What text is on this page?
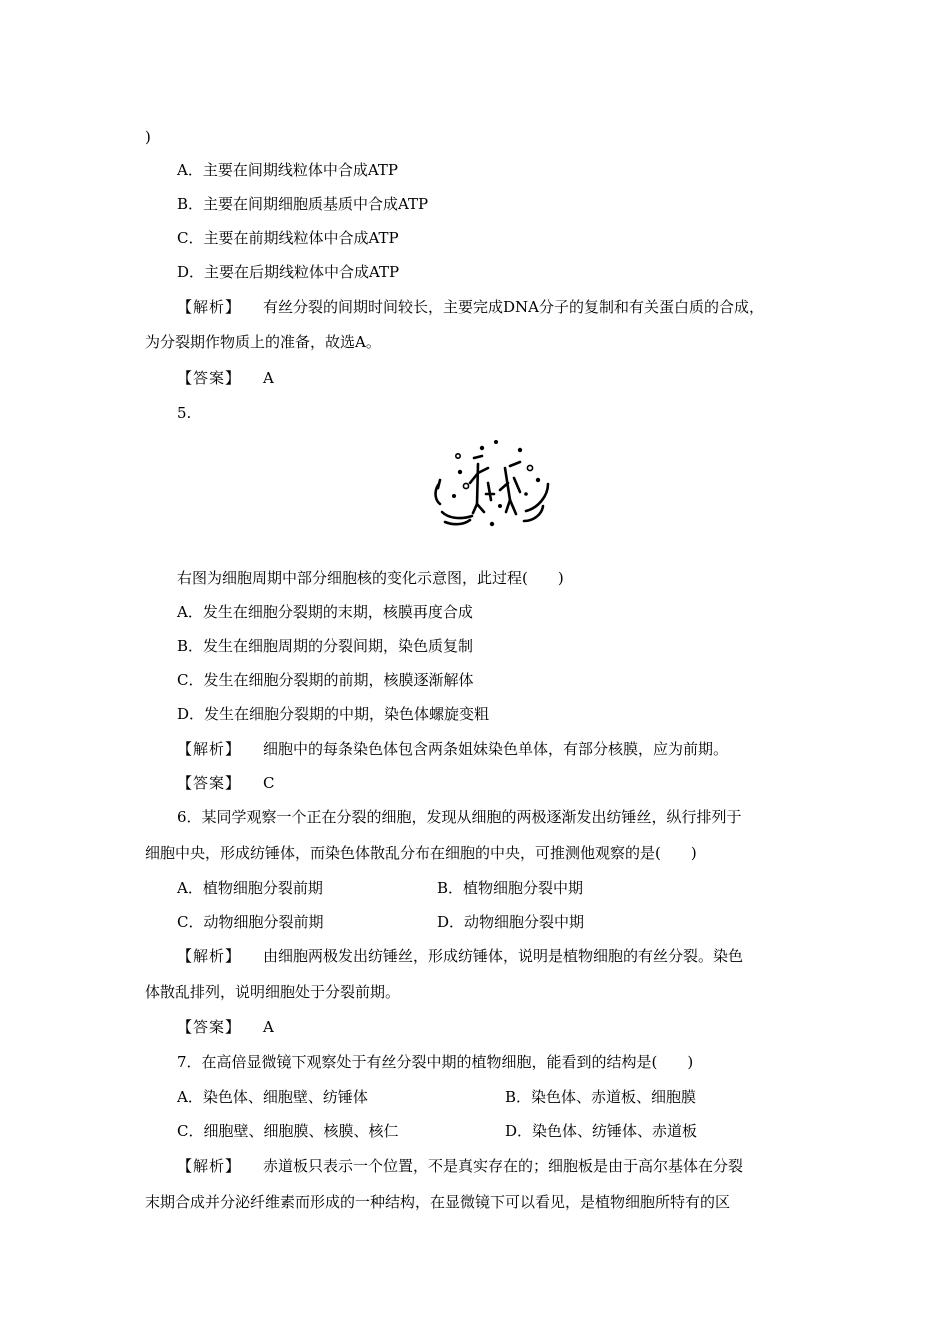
)
A．主要在间期线粒体中合成ATP
B．主要在间期细胞质基质中合成ATP
C．主要在前期线粒体中合成ATP
D．主要在后期线粒体中合成ATP
【解析】 有丝分裂的间期时间较长，主要完成DNA分子的复制和有关蛋白质的合成，
为分裂期作物质上的准备，故选A。
【答案】 A
5.
右图为细胞周期中部分细胞核的变化示意图，此过程(　　)
A．发生在细胞分裂期的末期，核膜再度合成
B．发生在细胞周期的分裂间期，染色质复制
C．发生在细胞分裂期的前期，核膜逐渐解体
D．发生在细胞分裂期的中期，染色体螺旋变粗
【解析】 细胞中的每条染色体包含两条姐妹染色单体，有部分核膜，应为前期。
【答案】 C
6．某同学观察一个正在分裂的细胞，发现从细胞的两极逐渐发出纺锤丝，纵行排列于
细胞中央，形成纺锤体，而染色体散乱分布在细胞的中央，可推测他观察的是(　　)
A．植物细胞分裂前期	B．植物细胞分裂中期
C．动物细胞分裂前期	D．动物细胞分裂中期
【解析】 由细胞两极发出纺锤丝，形成纺锤体，说明是植物细胞的有丝分裂。染色
体散乱排列，说明细胞处于分裂前期。
【答案】 A
7．在高倍显微镜下观察处于有丝分裂中期的植物细胞，能看到的结构是(　　)
A．染色体、细胞壁、纺锤体	B．染色体、赤道板、细胞膜
C．细胞壁、细胞膜、核膜、核仁	D．染色体、纺锤体、赤道板
【解析】 赤道板只表示一个位置，不是真实存在的；细胞板是由于高尔基体在分裂
末期合成并分泌纤维素而形成的一种结构，在显微镜下可以看见，是植物细胞所特有的区
